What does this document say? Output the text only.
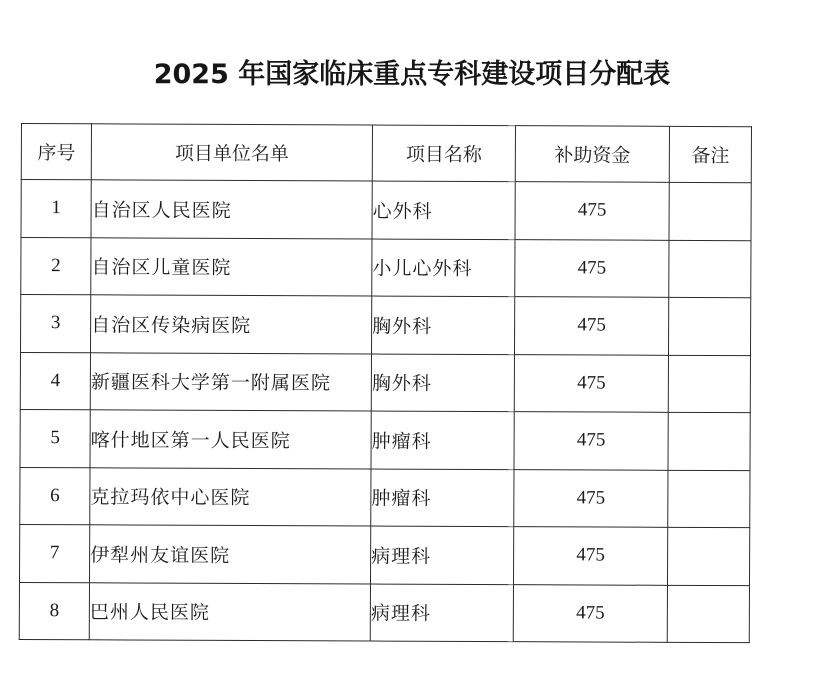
2025 年国家临床重点专科建设项目分配表
序号	项目单位名单	项目名称	补助资金	备注
1	自治区人民医院	心外科	475	
2	自治区儿童医院	小儿心外科	475	
3	自治区传染病医院	胸外科	475	
4	新疆医科大学第一附属医院	胸外科	475	
5	喀什地区第一人民医院	肿瘤科	475	
6	克拉玛依中心医院	肿瘤科	475	
7	伊犁州友谊医院	病理科	475	
8	巴州人民医院	病理科	475	
